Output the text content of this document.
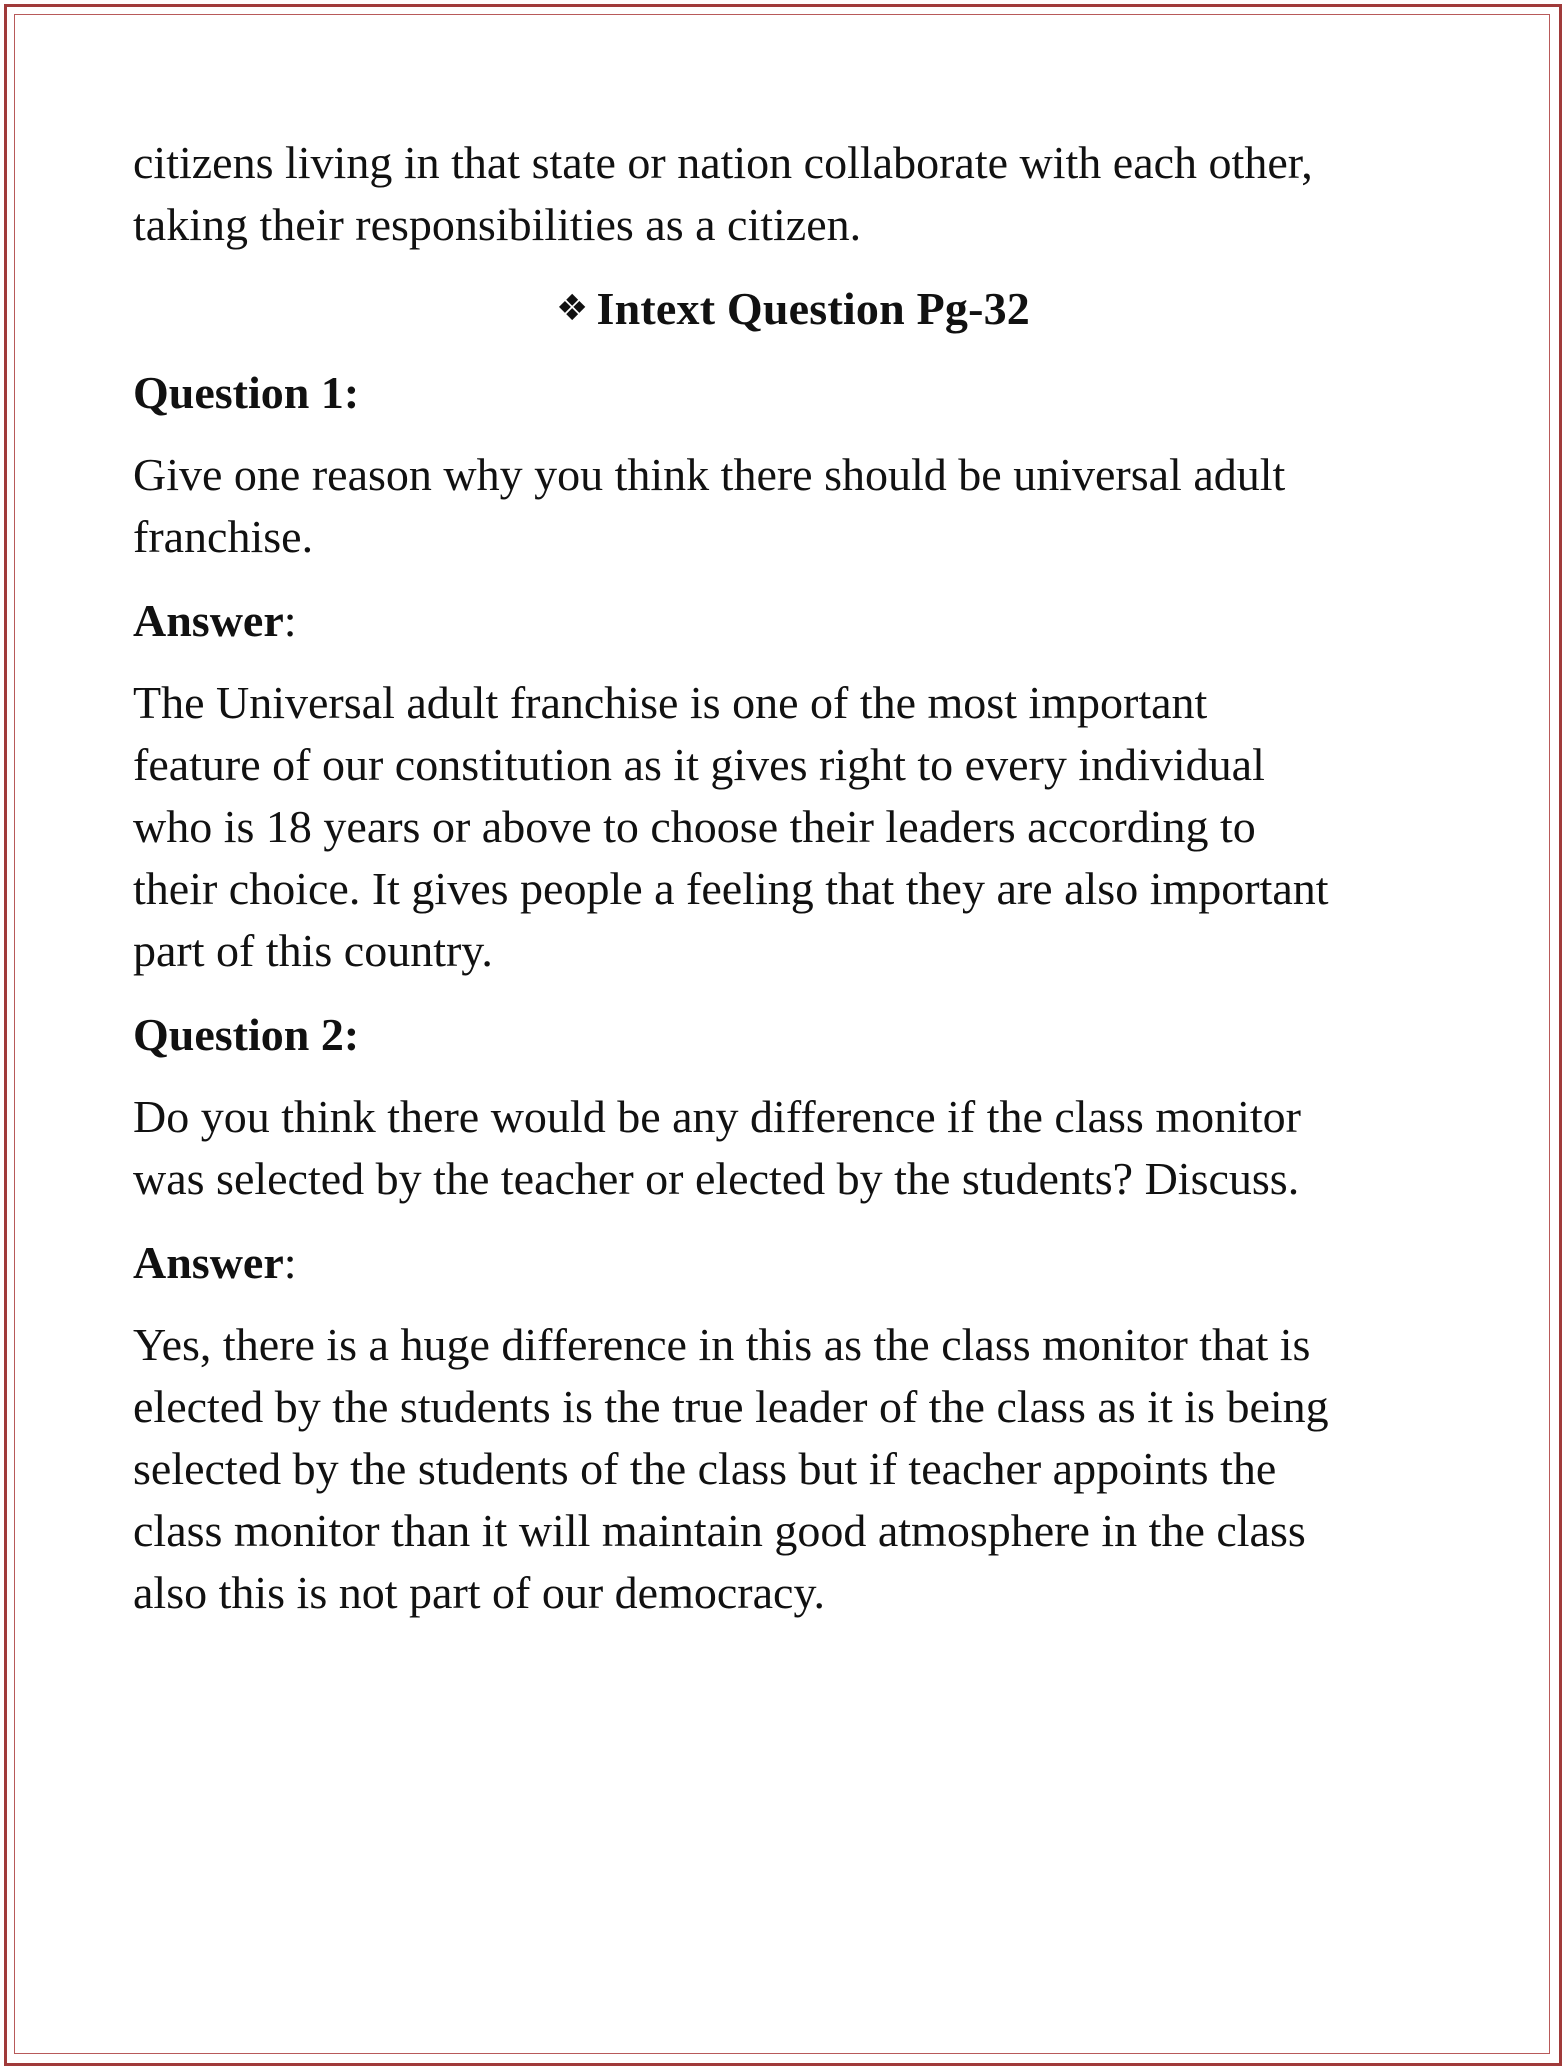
citizens living in that state or nation collaborate with each other,
taking their responsibilities as a citizen.
❖ Intext Question Pg-32
Question 1:
Give one reason why you think there should be universal adult
franchise.
Answer:
The Universal adult franchise is one of the most important
feature of our constitution as it gives right to every individual
who is 18 years or above to choose their leaders according to
their choice. It gives people a feeling that they are also important
part of this country.
Question 2:
Do you think there would be any difference if the class monitor
was selected by the teacher or elected by the students? Discuss.
Answer:
Yes, there is a huge difference in this as the class monitor that is
elected by the students is the true leader of the class as it is being
selected by the students of the class but if teacher appoints the
class monitor than it will maintain good atmosphere in the class
also this is not part of our democracy.
